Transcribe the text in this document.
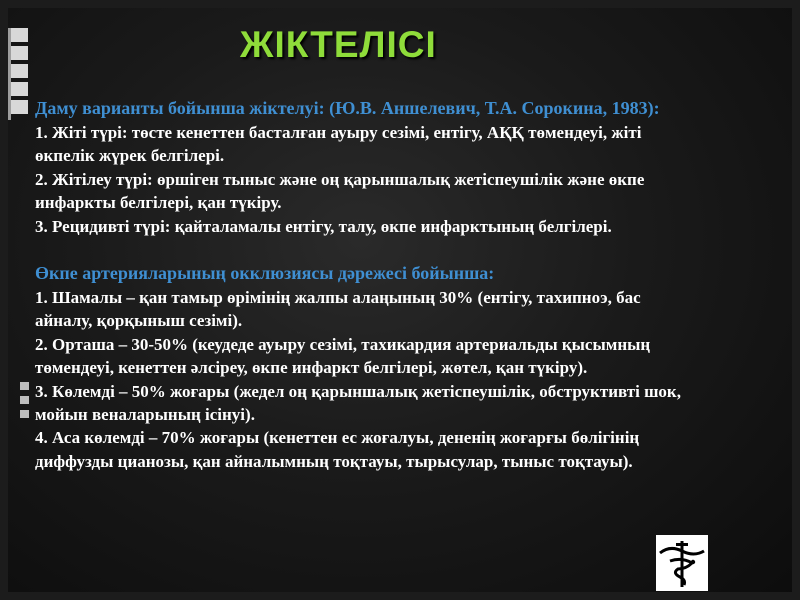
ЖІКТЕЛІСІ

Даму варианты бойынша жіктелуі: (Ю.В. Аншелевич, Т.А. Сорокина, 1983):

1. Жіті түрі: төсте кенеттен басталған ауыру сезімі, ентігу, АҚҚ төмендеуі, жіті өкпелік жүрек белгілері.

2. Жітілеу түрі: өршіген тыныс және оң қарыншалық жетіспеушілік және өкпе инфаркты белгілері, қан түкіру.

3. Рецидивті түрі: қайталамалы ентігу, талу, өкпе инфарктының белгілері.

Өкпе артерияларының окклюзиясы дәрежесі бойынша:

1. Шамалы – қан тамыр өрімінің жалпы алаңының 30% (ентігу, тахипноэ, бас айналу, қорқыныш сезімі).

2. Орташа – 30-50% (кеудеде ауыру сезімі, тахикардия артериальды қысымның төмендеуі, кенеттен әлсіреу, өкпе инфаркт белгілері, жөтел, қан түкіру).

3. Көлемді – 50% жоғары (жедел оң қарыншалық жетіспеушілік, обструктивті шок, мойын веналарының ісінуі).

4. Аса көлемді – 70% жоғары (кенеттен ес жоғалуы, дененің жоғарғы бөлігінің диффузды цианозы, қан айналымның тоқтауы, тырысулар, тыныс тоқтауы).
